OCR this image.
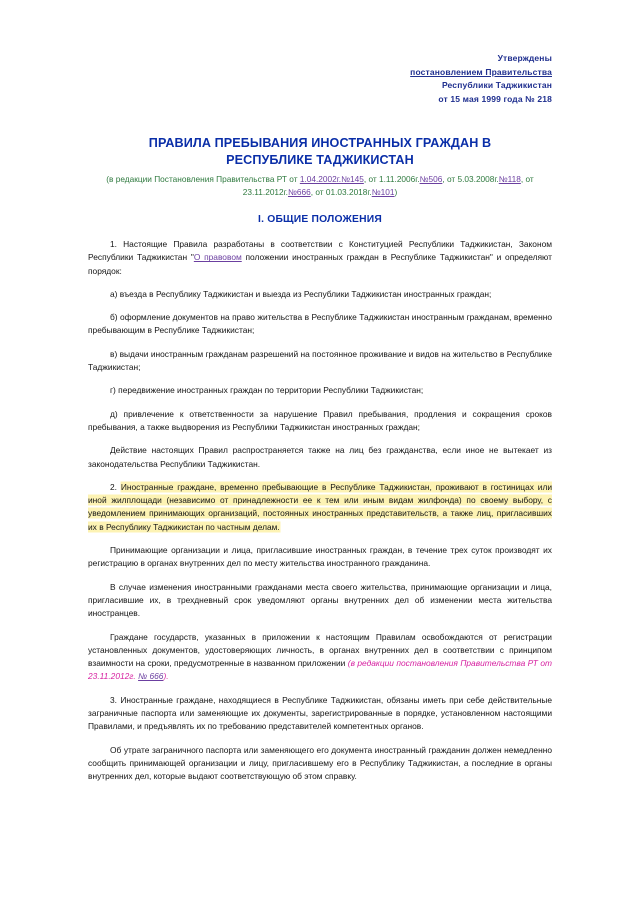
Утверждены
постановлением Правительства
Республики Таджикистан
от 15 мая 1999 года № 218
ПРАВИЛА ПРЕБЫВАНИЯ ИНОСТРАННЫХ ГРАЖДАН В
РЕСПУБЛИКЕ ТАДЖИКИСТАН
(в редакции Постановления Правительства РТ от 1.04.2002г.№145, от 1.11.2006г.№506, от 5.03.2008г.№118, от 23.11.2012г.№666, от 01.03.2018г.№101)
I. ОБЩИЕ ПОЛОЖЕНИЯ

1. Настоящие Правила разработаны в соответствии с Конституцией Республики Таджикистан, Законом Республики Таджикистан "О правовом положении иностранных граждан в Республике Таджикистан" и определяют порядок:

а) въезда в Республику Таджикистан и выезда из Республики Таджикистан иностранных граждан;

б) оформление документов на право жительства в Республике Таджикистан иностранным гражданам, временно пребывающим в Республике Таджикистан;

в) выдачи иностранным гражданам разрешений на постоянное проживание и видов на жительство в Республике Таджикистан;

г) передвижение иностранных граждан по территории Республики Таджикистан;

д) привлечение к ответственности за нарушение Правил пребывания, продления и сокращения сроков пребывания, а также выдворения из Республики Таджикистан иностранных граждан;

Действие настоящих Правил распространяется также на лиц без гражданства, если иное не вытекает из законодательства Республики Таджикистан.

2. Иностранные граждане, временно пребывающие в Республике Таджикистан, проживают в гостиницах или иной жилплощади (независимо от принадлежности ее к тем или иным видам жилфонда) по своему выбору, с уведомлением принимающих организаций, постоянных иностранных представительств, а также лиц, пригласивших их в Республику Таджикистан по частным делам.

Принимающие организации и лица, пригласившие иностранных граждан, в течение трех суток производят их регистрацию в органах внутренних дел по месту жительства иностранного гражданина.

В случае изменения иностранными гражданами места своего жительства, принимающие организации и лица, пригласившие их, в трехдневный срок уведомляют органы внутренних дел об изменении места жительства иностранцев.

Граждане государств, указанных в приложении к настоящим Правилам освобождаются от регистрации установленных документов, удостоверяющих личность, в органах внутренних дел в соответствии с принципом взаимности на сроки, предусмотренные в названном приложении (в редакции постановления Правительства РТ от 23.11.2012г. № 666).

3. Иностранные граждане, находящиеся в Республике Таджикистан, обязаны иметь при себе действительные заграничные паспорта или заменяющие их документы, зарегистрированные в порядке, установленном настоящими Правилами, и предъявлять их по требованию представителей компетентных органов.

Об утрате заграничного паспорта или заменяющего его документа иностранный гражданин должен немедленно сообщить принимающей организации и лицу, пригласившему его в Республику Таджикистан, а последние в органы внутренних дел, которые выдают соответствующую об этом справку.
